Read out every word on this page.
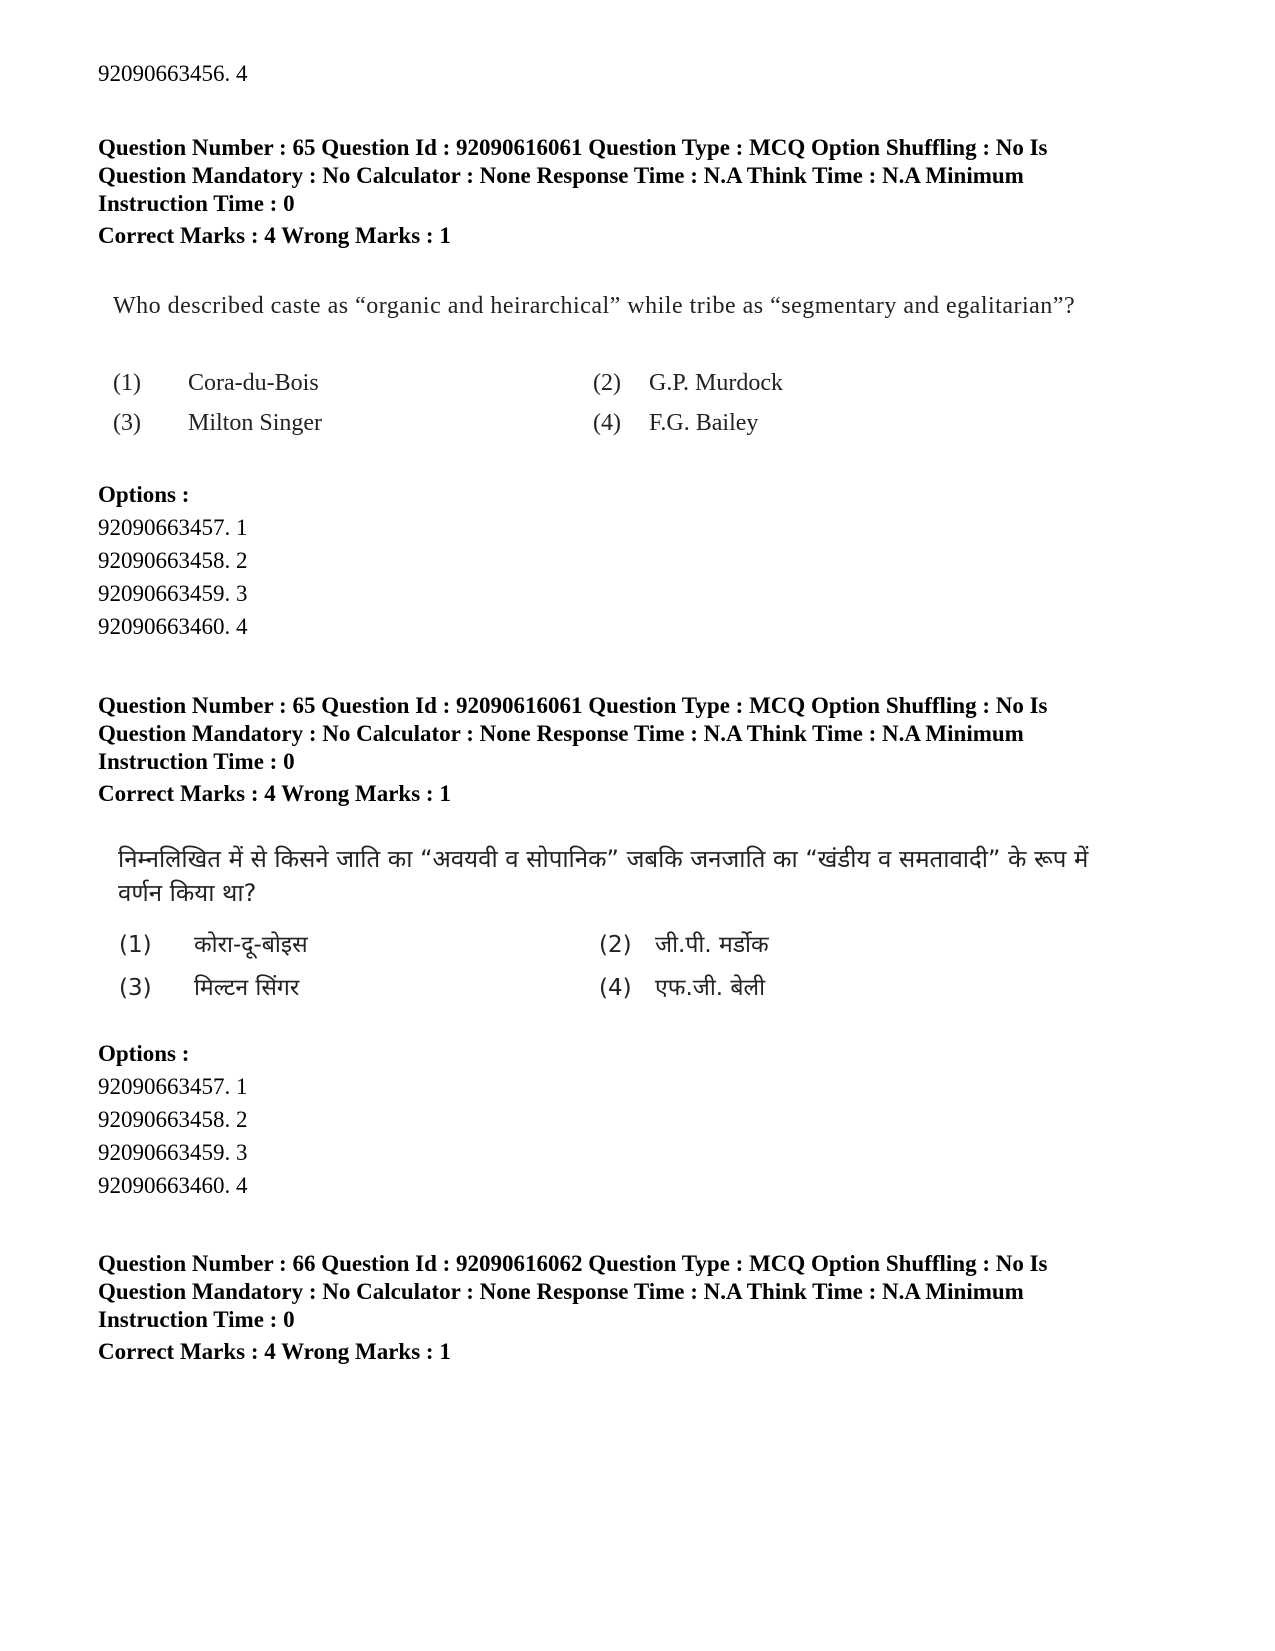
92090663456. 4
Question Number : 65 Question Id : 92090616061 Question Type : MCQ Option Shuffling : No Is
Question Mandatory : No Calculator : None Response Time : N.A Think Time : N.A Minimum
Instruction Time : 0
Correct Marks : 4 Wrong Marks : 1

Who described caste as “organic and heirarchical” while tribe as “segmentary and egalitarian”?

(1) Cora-du-Bois	(2) G.P. Murdock
(3) Milton Singer	(4) F.G. Bailey
Options :
92090663457. 1
92090663458. 2
92090663459. 3
92090663460. 4
Question Number : 65 Question Id : 92090616061 Question Type : MCQ Option Shuffling : No Is
Question Mandatory : No Calculator : None Response Time : N.A Think Time : N.A Minimum
Instruction Time : 0
Correct Marks : 4 Wrong Marks : 1

निम्नलिखित में से किसने जाति का “अवयवी व सोपानिक” जबकि जनजाति का “खंडीय व समतावादी” के रूप में वर्णन किया था?

(1) कोरा-दू-बोइस	(2) जी.पी. मर्डोक
(3) मिल्टन सिंगर	(4) एफ.जी. बेली
Options :
92090663457. 1
92090663458. 2
92090663459. 3
92090663460. 4
Question Number : 66 Question Id : 92090616062 Question Type : MCQ Option Shuffling : No Is
Question Mandatory : No Calculator : None Response Time : N.A Think Time : N.A Minimum
Instruction Time : 0
Correct Marks : 4 Wrong Marks : 1
